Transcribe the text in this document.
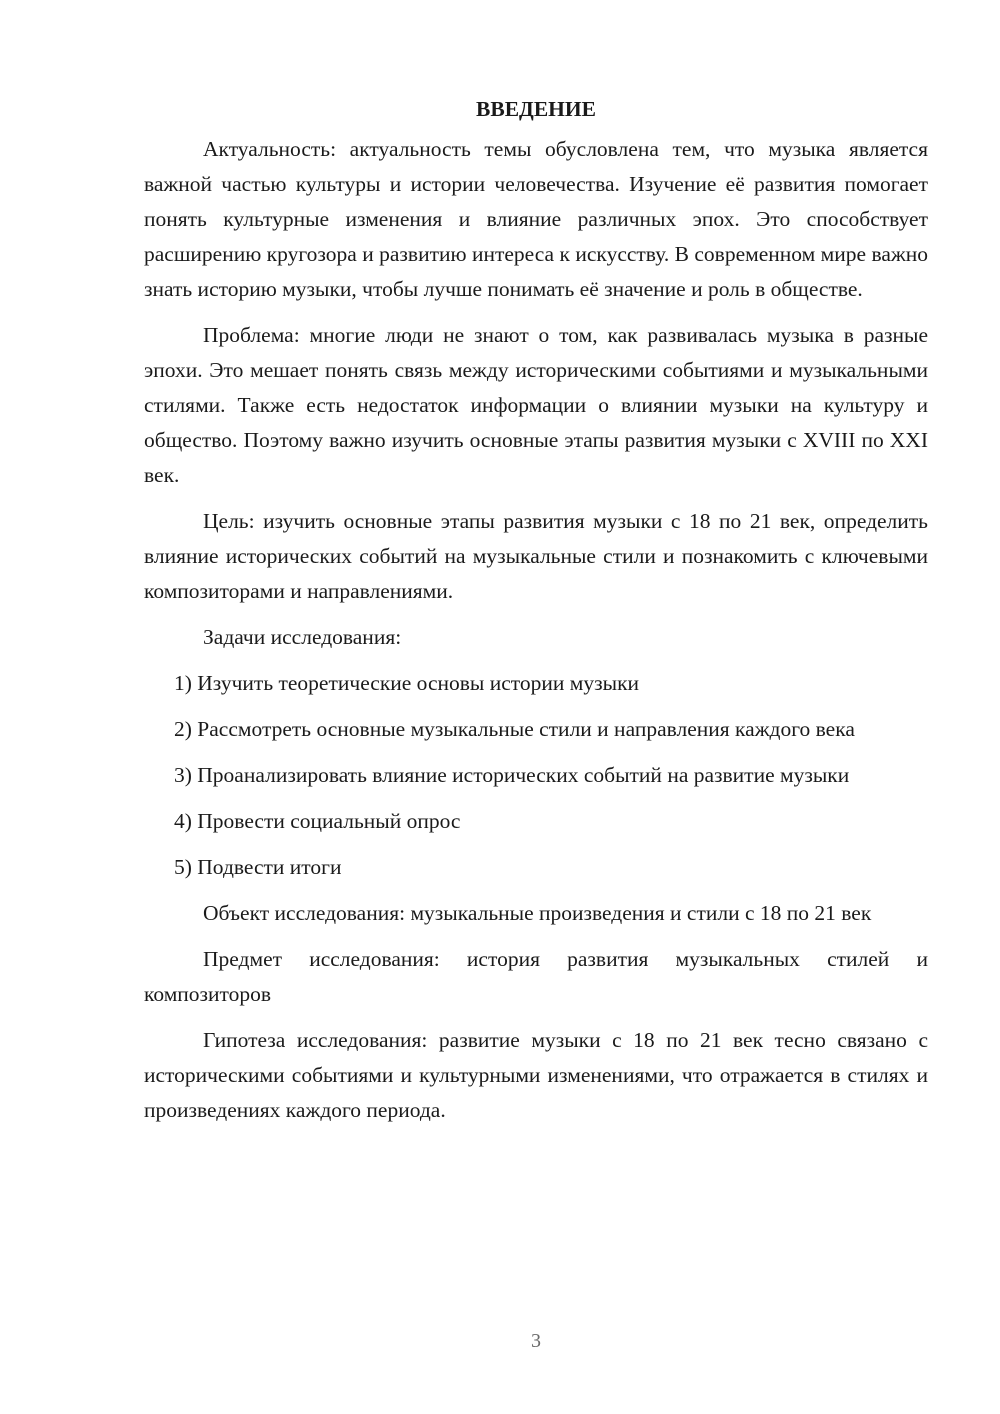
ВВЕДЕНИЕ

Актуальность: актуальность темы обусловлена тем, что музыка является важной частью культуры и истории человечества. Изучение её развития помогает понять культурные изменения и влияние различных эпох. Это способствует расширению кругозора и развитию интереса к искусству. В современном мире важно знать историю музыки, чтобы лучше понимать её значение и роль в обществе.

Проблема: многие люди не знают о том, как развивалась музыка в разные эпохи. Это мешает понять связь между историческими событиями и музыкальными стилями. Также есть недостаток информации о влиянии музыки на культуру и общество. Поэтому важно изучить основные этапы развития музыки с XVIII по XXI век.

Цель: изучить основные этапы развития музыки с 18 по 21 век, определить влияние исторических событий на музыкальные стили и познакомить с ключевыми композиторами и направлениями.

Задачи исследования:

1) Изучить теоретические основы истории музыки

2) Рассмотреть основные музыкальные стили и направления каждого века

3) Проанализировать влияние исторических событий на развитие музыки

4) Провести социальный опрос

5) Подвести итоги

Объект исследования: музыкальные произведения и стили с 18 по 21 век

Предмет исследования: история развития музыкальных стилей и композиторов

Гипотеза исследования: развитие музыки с 18 по 21 век тесно связано с историческими событиями и культурными изменениями, что отражается в стилях и произведениях каждого периода.

3
